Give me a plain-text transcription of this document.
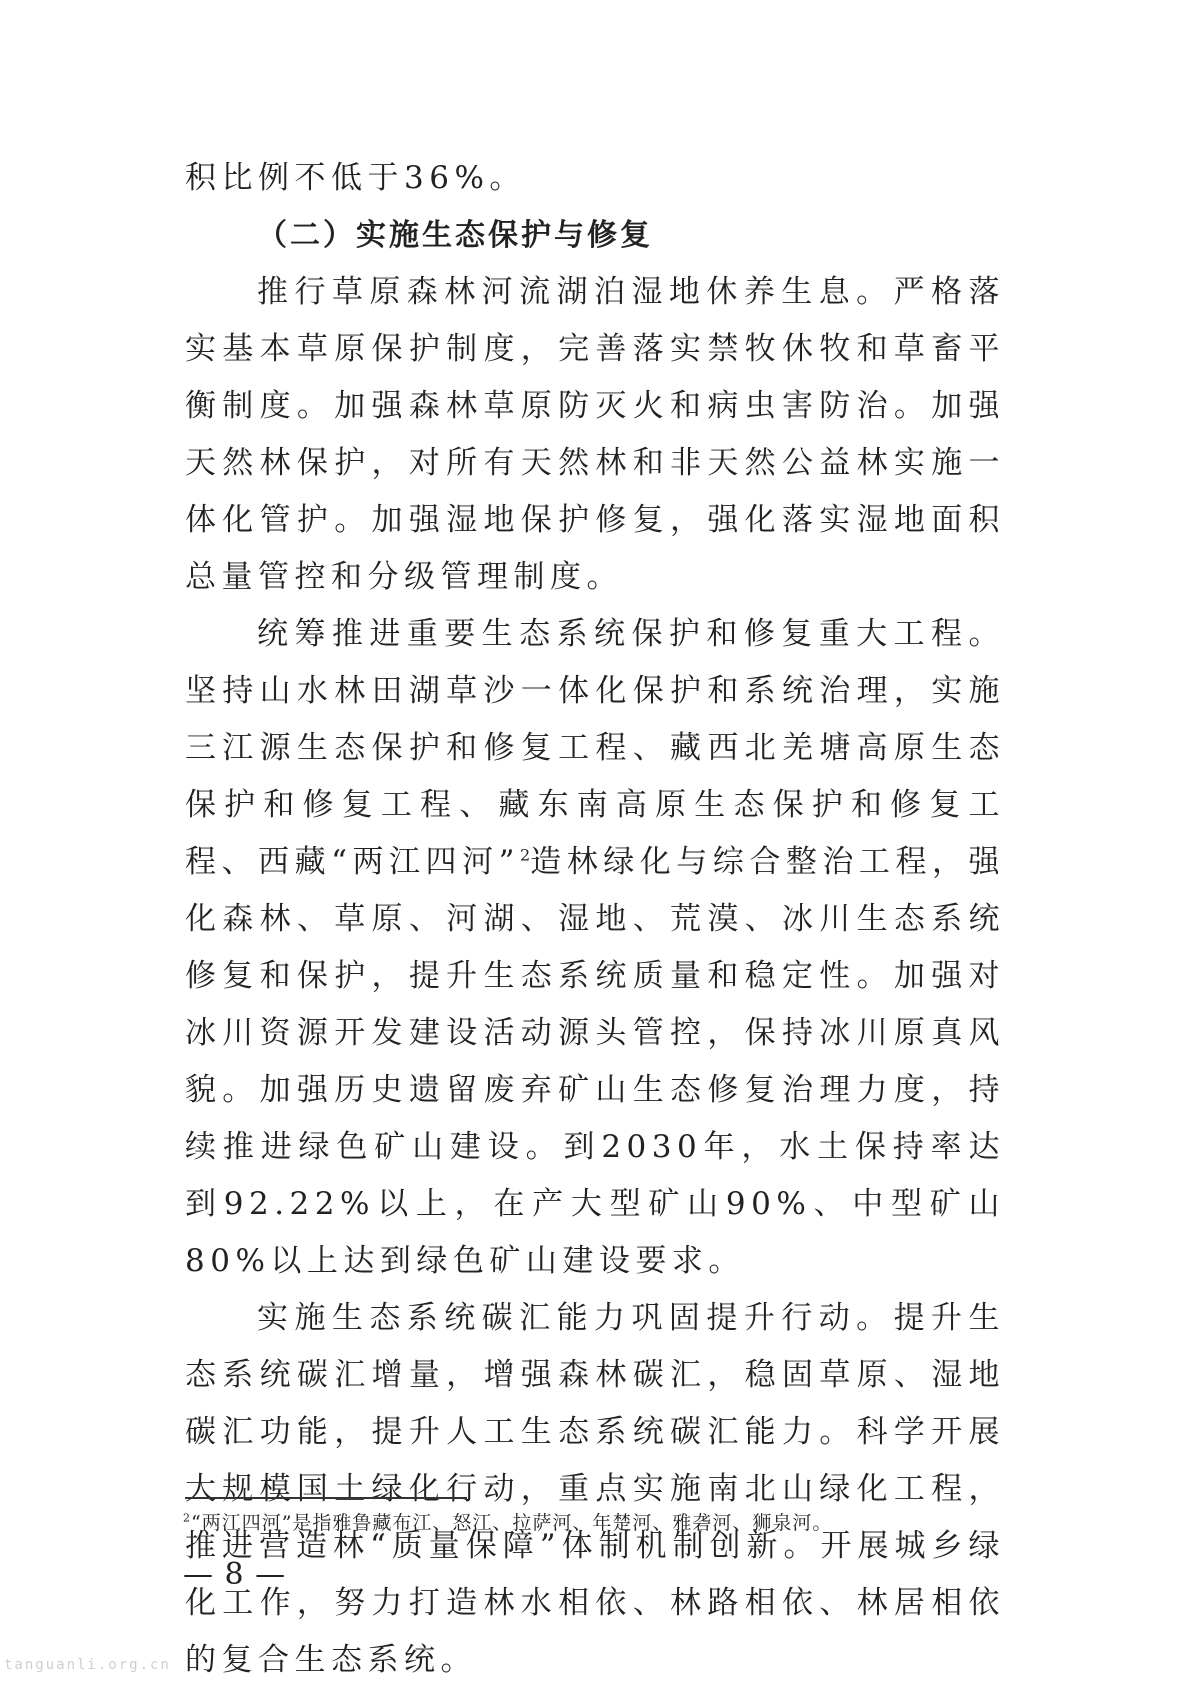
积比例不低于36%。

（二）实施生态保护与修复

推行草原森林河流湖泊湿地休养生息。严格落实基本草原保护制度，完善落实禁牧休牧和草畜平衡制度。加强森林草原防灭火和病虫害防治。加强天然林保护，对所有天然林和非天然公益林实施一体化管护。加强湿地保护修复，强化落实湿地面积总量管控和分级管理制度。

统筹推进重要生态系统保护和修复重大工程。坚持山水林田湖草沙一体化保护和系统治理，实施三江源生态保护和修复工程、藏西北羌塘高原生态保护和修复工程、藏东南高原生态保护和修复工程、西藏“两江四河”$^2$造林绿化与综合整治工程，强化森林、草原、河湖、湿地、荒漠、冰川生态系统修复和保护，提升生态系统质量和稳定性。加强对冰川资源开发建设活动源头管控，保持冰川原真风貌。加强历史遗留废弃矿山生态修复治理力度，持续推进绿色矿山建设。到2030年，水土保持率达到92.22%以上，在产大型矿山90%、中型矿山80%以上达到绿色矿山建设要求。

实施生态系统碳汇能力巩固提升行动。提升生态系统碳汇增量，增强森林碳汇，稳固草原、湿地碳汇功能，提升人工生态系统碳汇能力。科学开展大规模国土绿化行动，重点实施南北山绿化工程，推进营造林“质量保障”体制机制创新。开展城乡绿化工作，努力打造林水相依、林路相依、林居相依的复合生态系统。

$^2$“两江四河”是指雅鲁藏布江、怒江、拉萨河、年楚河、雅砻河、狮泉河。
— 8 —
tanguanli.org.cn
